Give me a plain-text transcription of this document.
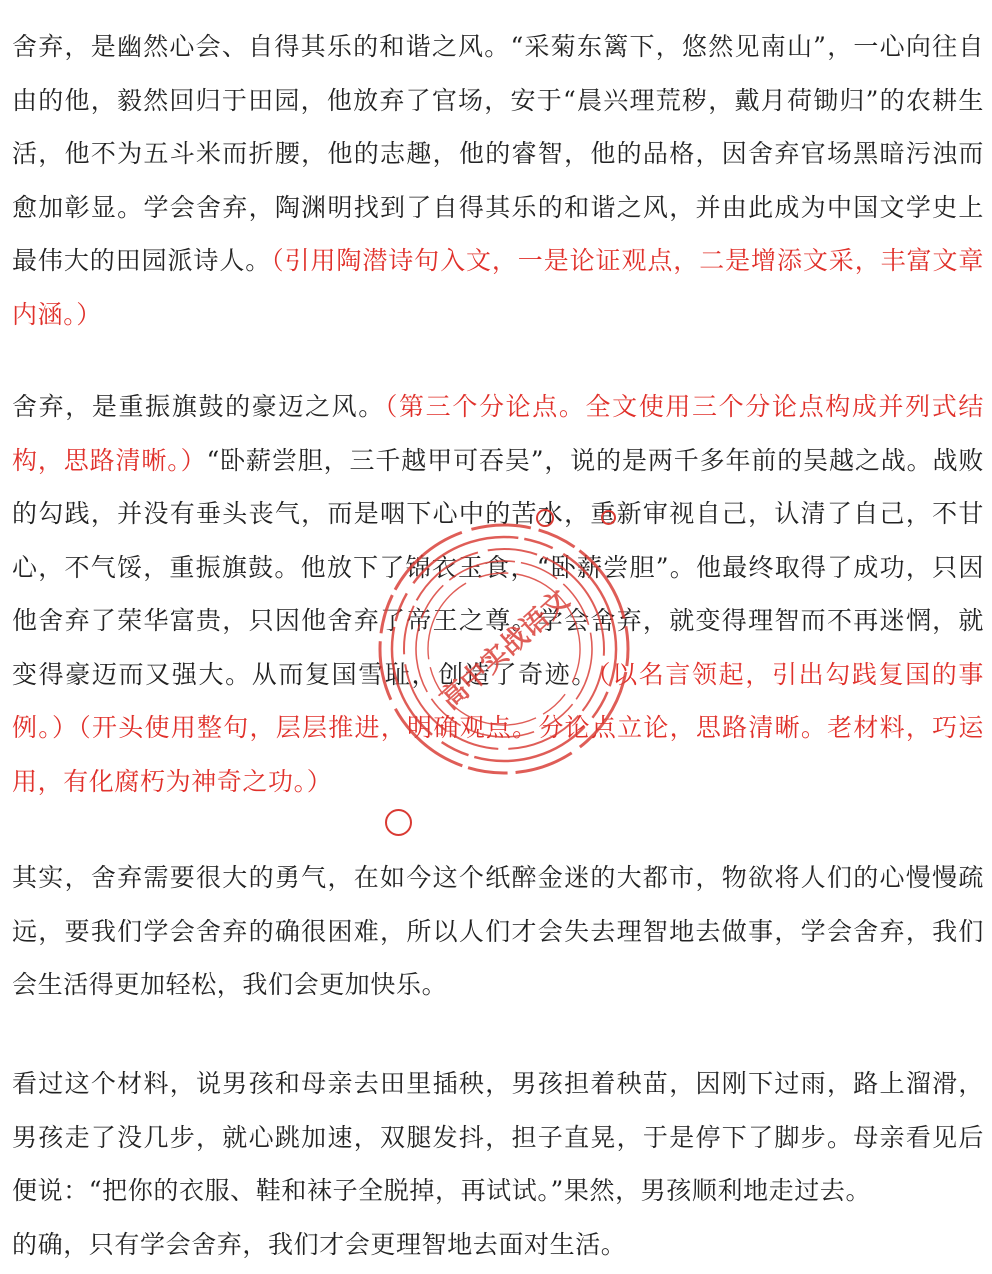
舍弃，是幽然心会、自得其乐的和谐之风。“采菊东篱下，悠然见南山”，一心向往自由的他，毅然回归于田园，他放弃了官场，安于“晨兴理荒秽，戴月荷锄归”的农耕生活，他不为五斗米而折腰，他的志趣，他的睿智，他的品格，因舍弃官场黑暗污浊而愈加彰显。学会舍弃，陶渊明找到了自得其乐的和谐之风，并由此成为中国文学史上最伟大的田园派诗人。（引用陶潜诗句入文，一是论证观点，二是增添文采，丰富文章内涵。）

舍弃，是重振旗鼓的豪迈之风。（第三个分论点。全文使用三个分论点构成并列式结构，思路清晰。）“卧薪尝胆，三千越甲可吞吴”，说的是两千多年前的吴越之战。战败的勾践，并没有垂头丧气，而是咽下心中的苦水，重新审视自己，认清了自己，不甘心，不气馁，重振旗鼓。他放下了锦衣玉食，“卧薪尝胆”。他最终取得了成功，只因他舍弃了荣华富贵，只因他舍弃了帝王之尊。学会舍弃，就变得理智而不再迷惘，就变得豪迈而又强大。从而复国雪耻，创造了奇迹。（以名言领起，引出勾践复国的事例。）（开头使用整句，层层推进，明确观点。分论点立论，思路清晰。老材料，巧运用，有化腐朽为神奇之功。）

其实，舍弃需要很大的勇气，在如今这个纸醉金迷的大都市，物欲将人们的心慢慢疏远，要我们学会舍弃的确很困难，所以人们才会失去理智地去做事，学会舍弃，我们会生活得更加轻松，我们会更加快乐。

看过这个材料，说男孩和母亲去田里插秧，男孩担着秧苗，因刚下过雨，路上溜滑，男孩走了没几步，就心跳加速，双腿发抖，担子直晃，于是停下了脚步。母亲看见后便说：“把你的衣服、鞋和袜子全脱掉，再试试。”果然，男孩顺利地走过去。
的确，只有学会舍弃，我们才会更理智地去面对生活。

高中实战语文
